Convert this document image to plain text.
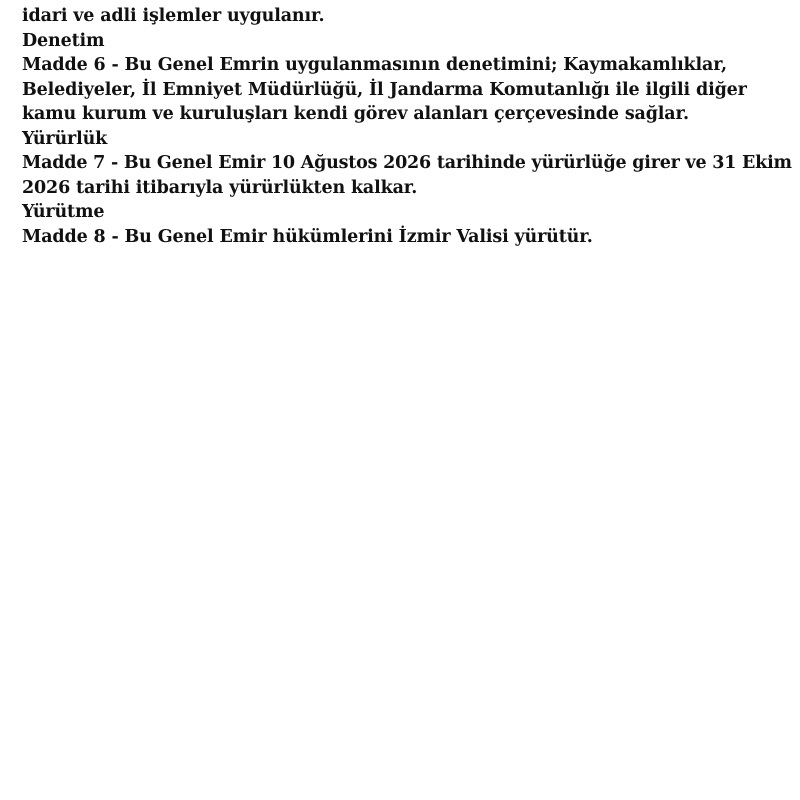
idari ve adli işlemler uygulanır.

Denetim

Madde 6 - Bu Genel Emrin uygulanmasının denetimini; Kaymakamlıklar,

Belediyeler, İl Emniyet Müdürlüğü, İl Jandarma Komutanlığı ile ilgili diğer

kamu kurum ve kuruluşları kendi görev alanları çerçevesinde sağlar.

Yürürlük

Madde 7 - Bu Genel Emir 10 Ağustos 2026 tarihinde yürürlüğe girer ve 31 Ekim

2026 tarihi itibarıyla yürürlükten kalkar.

Yürütme

Madde 8 - Bu Genel Emir hükümlerini İzmir Valisi yürütür.
